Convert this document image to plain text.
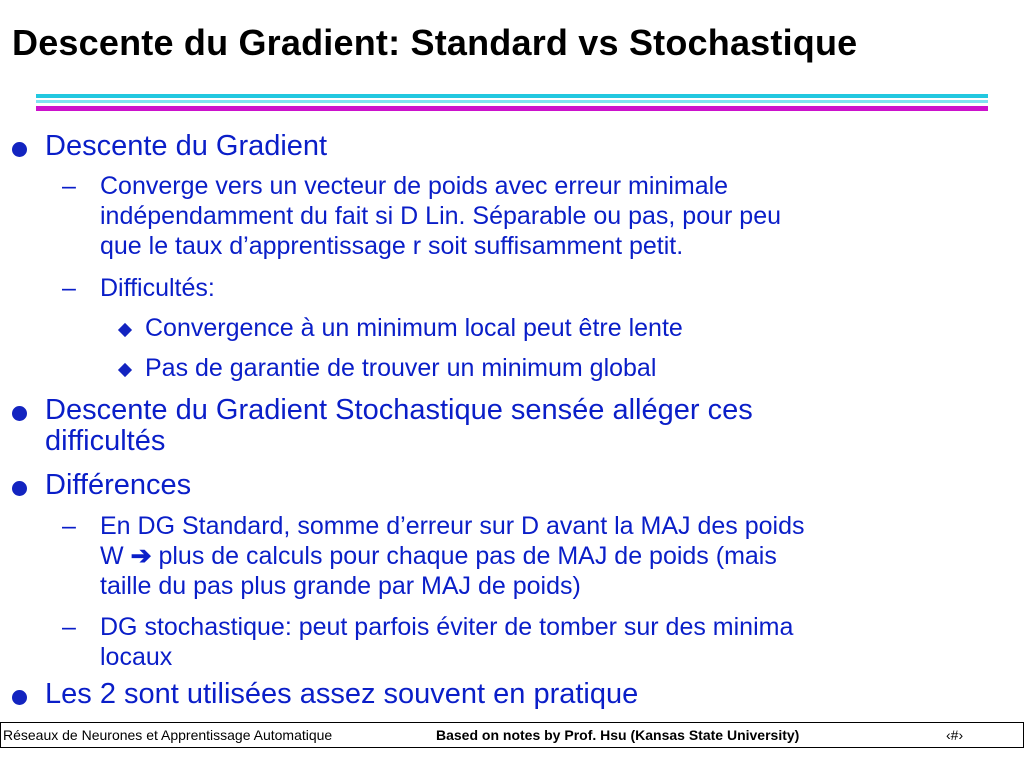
Descente du Gradient: Standard vs Stochastique
Descente du Gradient
– Converge vers un vecteur de poids avec erreur minimale
indépendamment du fait si D Lin. Séparable ou pas, pour peu
que le taux d’apprentissage r soit suffisamment petit.
– Difficultés:
Convergence à un minimum local peut être lente
Pas de garantie de trouver un minimum global
Descente du Gradient Stochastique sensée alléger ces
difficultés
Différences
– En DG Standard, somme d’erreur sur D avant la MAJ des poids
W ➔ plus de calculs pour chaque pas de MAJ de poids (mais
taille du pas plus grande par MAJ de poids)
– DG stochastique: peut parfois éviter de tomber sur des minima
locaux
Les 2 sont utilisées assez souvent en pratique
Réseaux de Neurones et Apprentissage Automatique	Based on notes by Prof. Hsu (Kansas State University)	‹#›
